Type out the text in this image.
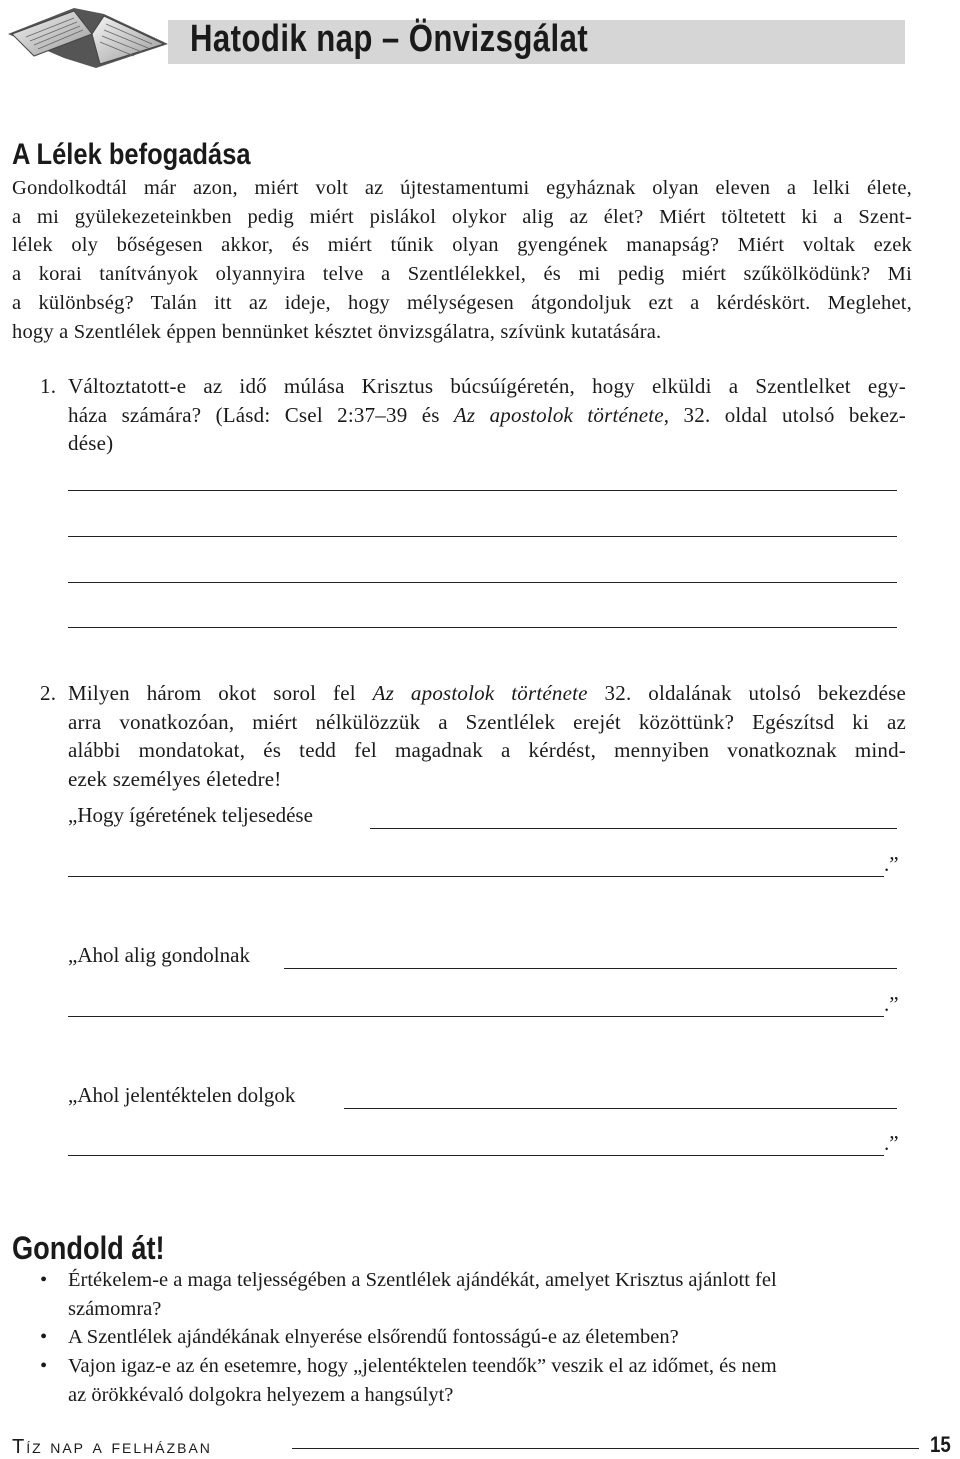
Hatodik nap – Önvizsgálat
A Lélek befogadása
Gondolkodtál már azon, miért volt az újtestamentumi egyháznak olyan eleven a lelki élete,
a mi gyülekezeteinkben pedig miért pislákol olykor alig az élet? Miért töltetett ki a Szent-
lélek oly bőségesen akkor, és miért tűnik olyan gyengének manapság? Miért voltak ezek
a korai tanítványok olyannyira telve a Szentlélekkel, és mi pedig miért szűkölködünk? Mi
a különbség? Talán itt az ideje, hogy mélységesen átgondoljuk ezt a kérdéskört. Meglehet,
hogy a Szentlélek éppen bennünket késztet önvizsgálatra, szívünk kutatására.
1. Változtatott-e az idő múlása Krisztus búcsúígéretén, hogy elküldi a Szentlelket egy-
háza számára? (Lásd: Csel 2:37–39 és Az apostolok története, 32. oldal utolsó bekez-
dése)
2. Milyen három okot sorol fel Az apostolok története 32. oldalának utolsó bekezdése
arra vonatkozóan, miért nélkülözzük a Szentlélek erejét közöttünk? Egészítsd ki az
alábbi mondatokat, és tedd fel magadnak a kérdést, mennyiben vonatkoznak mind-
ezek személyes életedre!
„Hogy ígéretének teljesedése
.”
„Ahol alig gondolnak
.”
„Ahol jelentéktelen dolgok
.”
Gondold át!
• Értékelem-e a maga teljességében a Szentlélek ajándékát, amelyet Krisztus ajánlott fel
számomra?
• A Szentlélek ajándékának elnyerése elsőrendű fontosságú-e az életemben?
• Vajon igaz-e az én esetemre, hogy „jelentéktelen teendők” veszik el az időmet, és nem
az örökkévaló dolgokra helyezem a hangsúlyt?
Tíz nap a felházban	15
